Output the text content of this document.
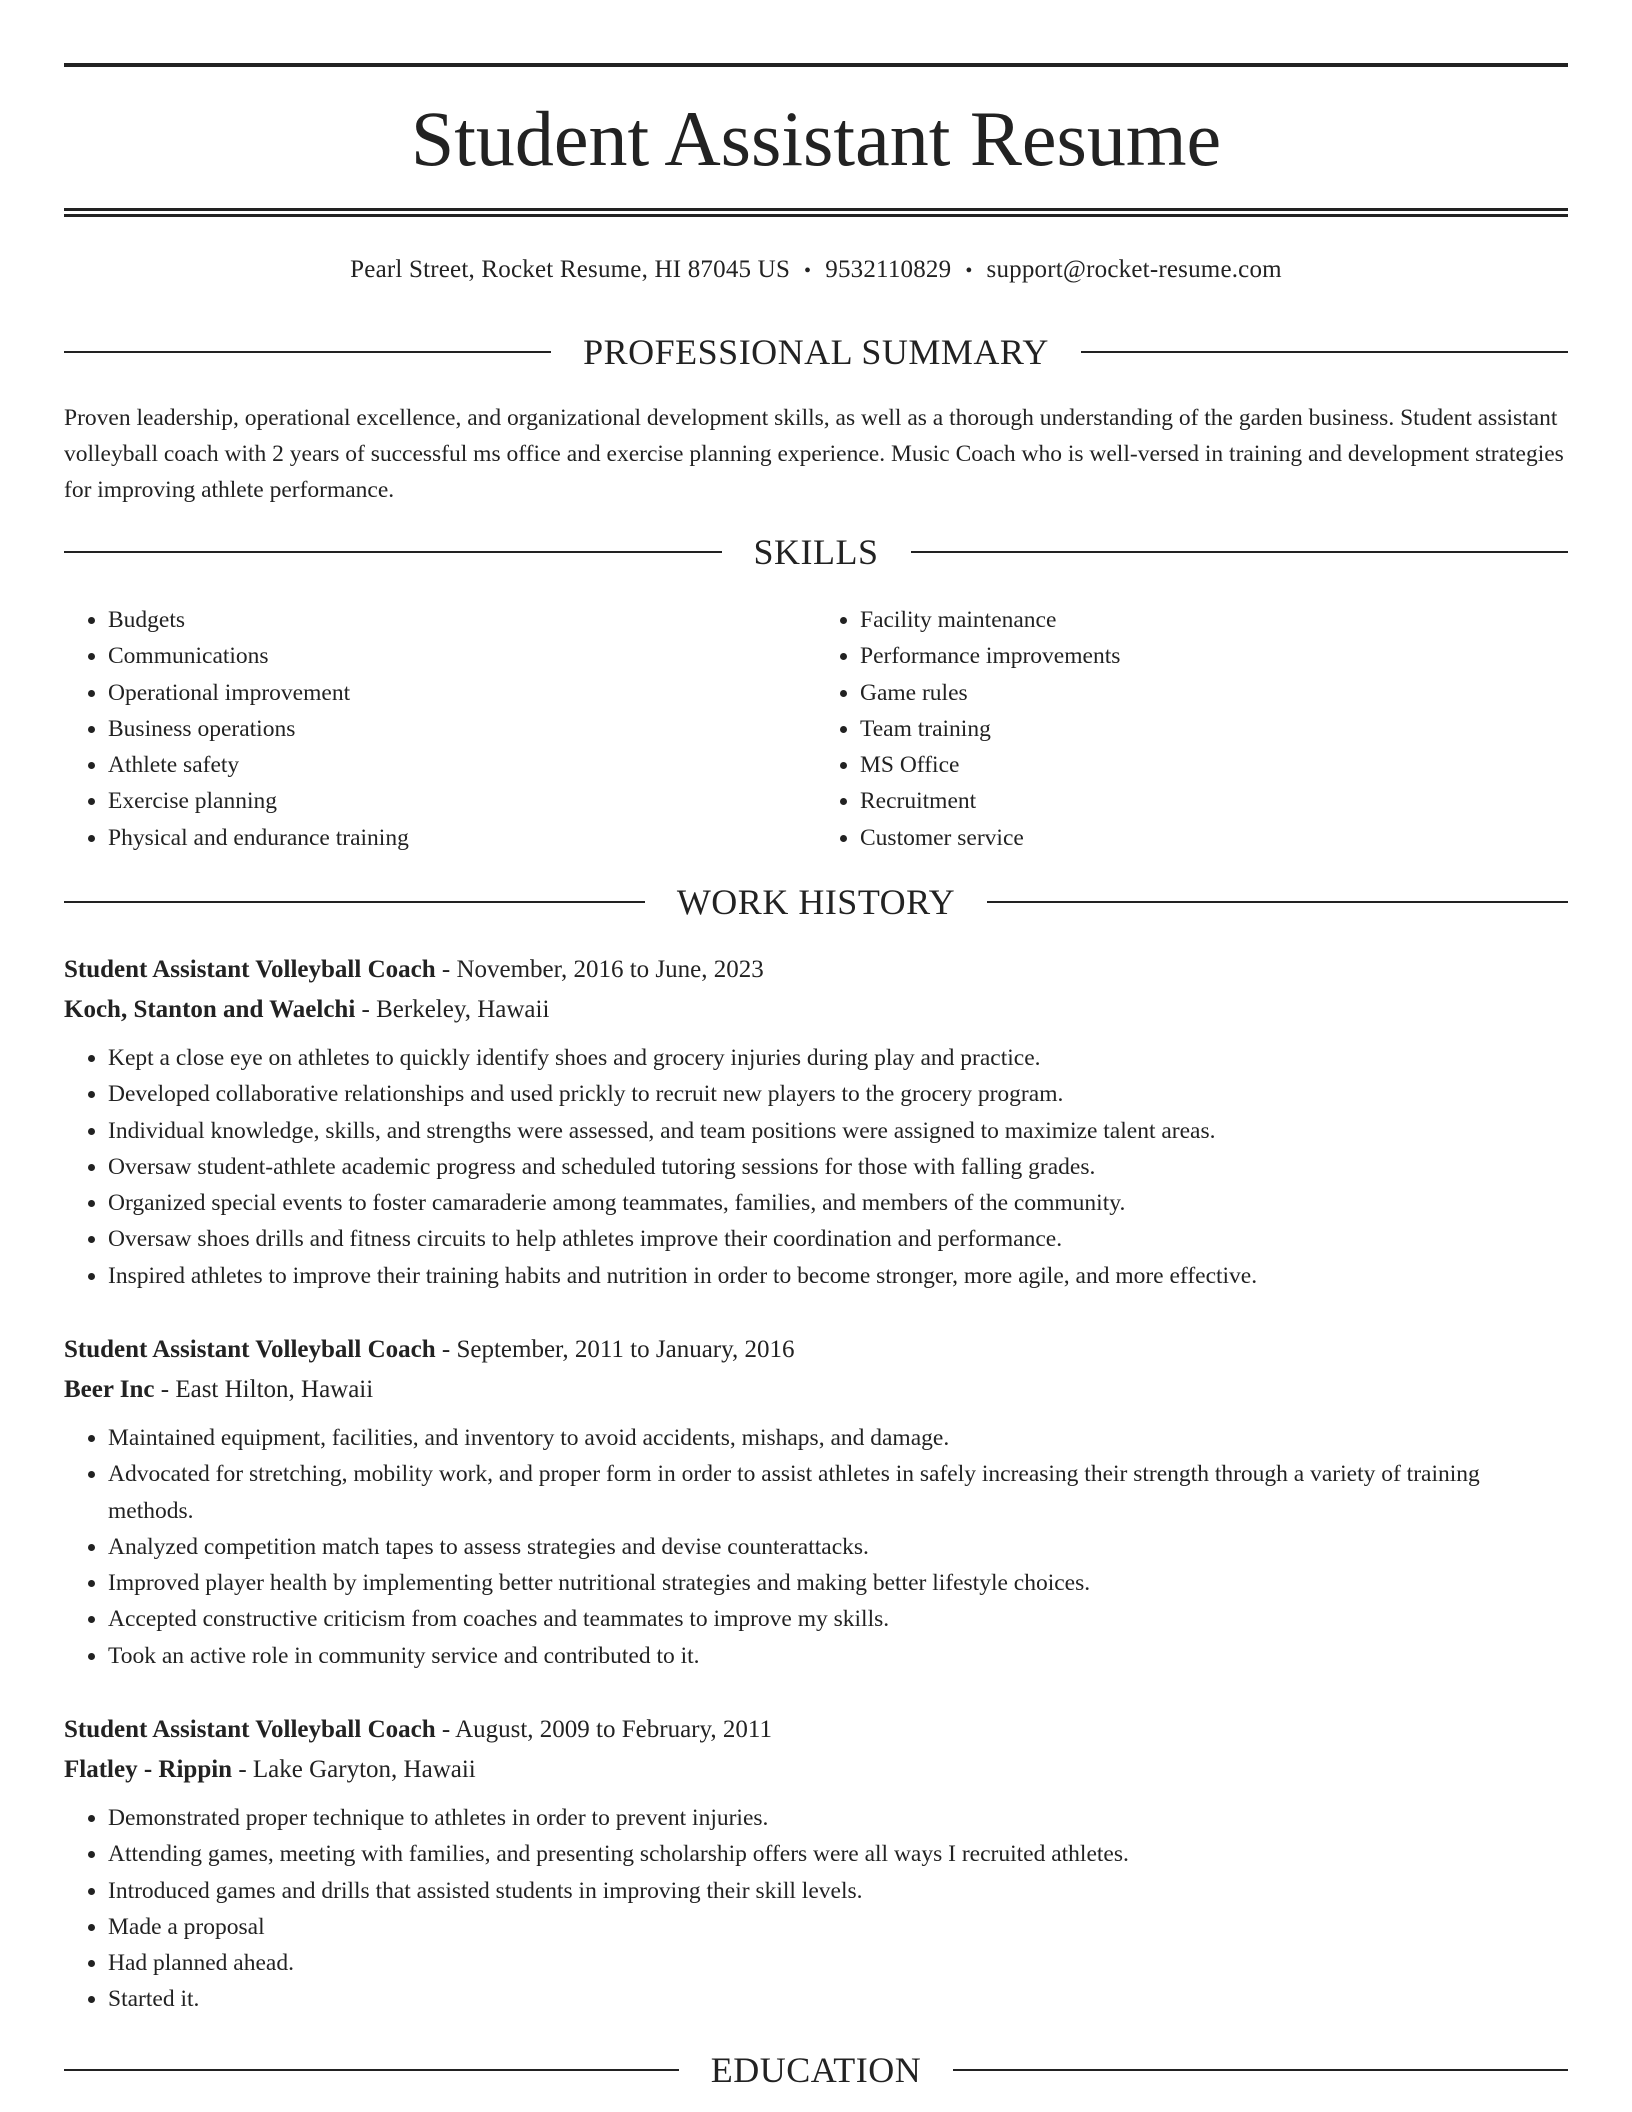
Student Assistant Resume
Pearl Street, Rocket Resume, HI 87045 US • 9532110829 • support@rocket-resume.com
PROFESSIONAL SUMMARY

Proven leadership, operational excellence, and organizational development skills, as well as a thorough understanding of the garden business. Student assistant volleyball coach with 2 years of successful ms office and exercise planning experience. Music Coach who is well-versed in training and development strategies for improving athlete performance.

SKILLS
• Budgets
• Communications
• Operational improvement
• Business operations
• Athlete safety
• Exercise planning
• Physical and endurance training
• Facility maintenance
• Performance improvements
• Game rules
• Team training
• MS Office
• Recruitment
• Customer service
WORK HISTORY
Student Assistant Volleyball Coach - November, 2016 to June, 2023
Koch, Stanton and Waelchi - Berkeley, Hawaii
• Kept a close eye on athletes to quickly identify shoes and grocery injuries during play and practice.
• Developed collaborative relationships and used prickly to recruit new players to the grocery program.
• Individual knowledge, skills, and strengths were assessed, and team positions were assigned to maximize talent areas.
• Oversaw student-athlete academic progress and scheduled tutoring sessions for those with falling grades.
• Organized special events to foster camaraderie among teammates, families, and members of the community.
• Oversaw shoes drills and fitness circuits to help athletes improve their coordination and performance.
• Inspired athletes to improve their training habits and nutrition in order to become stronger, more agile, and more effective.
Student Assistant Volleyball Coach - September, 2011 to January, 2016
Beer Inc - East Hilton, Hawaii
• Maintained equipment, facilities, and inventory to avoid accidents, mishaps, and damage.
• Advocated for stretching, mobility work, and proper form in order to assist athletes in safely increasing their strength through a variety of training methods.
• Analyzed competition match tapes to assess strategies and devise counterattacks.
• Improved player health by implementing better nutritional strategies and making better lifestyle choices.
• Accepted constructive criticism from coaches and teammates to improve my skills.
• Took an active role in community service and contributed to it.
Student Assistant Volleyball Coach - August, 2009 to February, 2011
Flatley - Rippin - Lake Garyton, Hawaii
• Demonstrated proper technique to athletes in order to prevent injuries.
• Attending games, meeting with families, and presenting scholarship offers were all ways I recruited athletes.
• Introduced games and drills that assisted students in improving their skill levels.
• Made a proposal
• Had planned ahead.
• Started it.
EDUCATION
